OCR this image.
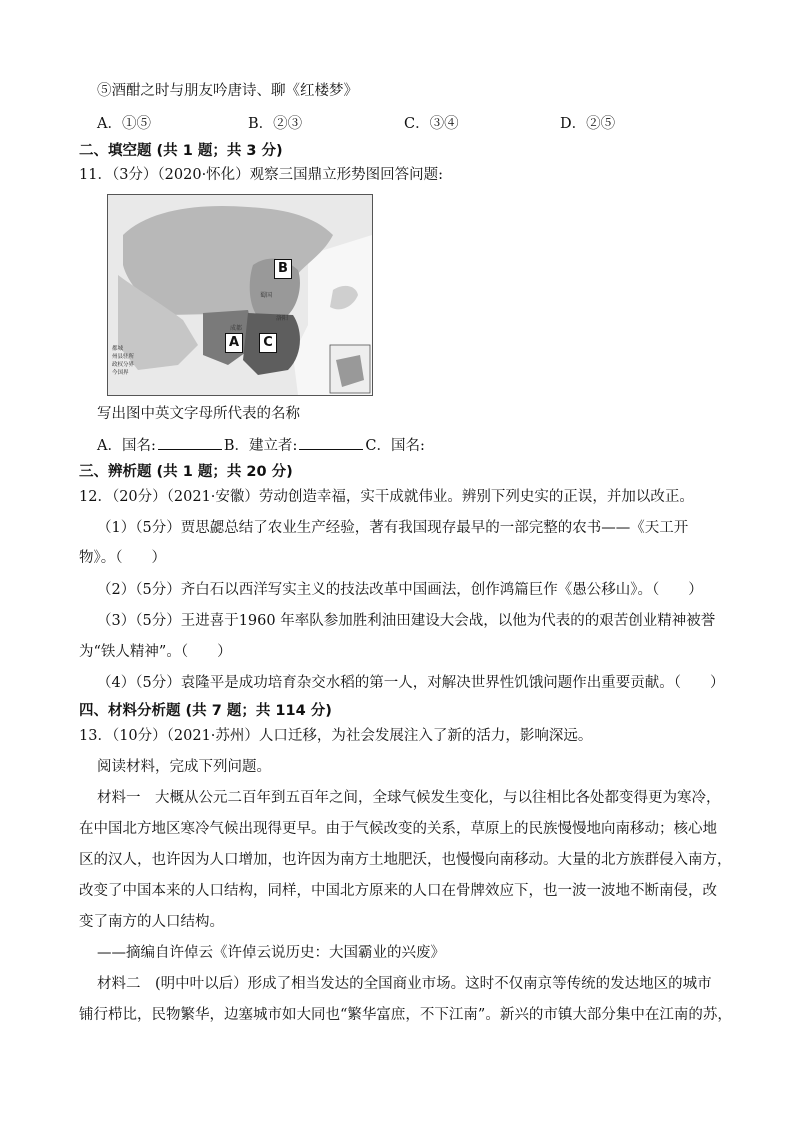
⑤酒酣之时与朋友吟唐诗、聊《红楼梦》
A．①⑤	B．②③	C．③④	D．②⑤
二、填空题 (共 1 题；共 3 分)
11．（3分）（2020·怀化）观察三国鼎立形势图回答问题:
B
A	C
蜀国
洛阳
成都
都城
州县驻所
政权分界
今国界
写出图中英文字母所代表的名称
A．国名:	B．建立者:	C．国名:
三、辨析题 (共 1 题；共 20 分)
12．（20分）（2021·安徽）劳动创造幸福，实干成就伟业。辨别下列史实的正误，并加以改正。
（1）（5分）贾思勰总结了农业生产经验，著有我国现存最早的一部完整的农书——《天工开
物》。（　　）
（2）（5分）齐白石以西洋写实主义的技法改革中国画法，创作鸿篇巨作《愚公移山》。（　　）
（3）（5分）王进喜于1960 年率队参加胜利油田建设大会战，以他为代表的的艰苦创业精神被誉
为“铁人精神”。（　　）
（4）（5分）袁隆平是成功培育杂交水稻的第一人，对解决世界性饥饿问题作出重要贡献。（　　）
四、材料分析题 (共 7 题；共 114 分)
13．（10分）（2021·苏州）人口迁移，为社会发展注入了新的活力，影响深远。
阅读材料，完成下列问题。
材料一　大概从公元二百年到五百年之间，全球气候发生变化，与以往相比各处都变得更为寒冷，
在中国北方地区寒冷气候出现得更早。由于气候改变的关系，草原上的民族慢慢地向南移动；核心地
区的汉人，也许因为人口增加，也许因为南方土地肥沃，也慢慢向南移动。大量的北方族群侵入南方，
改变了中国本来的人口结构，同样，中国北方原来的人口在骨牌效应下，也一波一波地不断南侵，改
变了南方的人口结构。
——摘编自许倬云《许倬云说历史：大国霸业的兴废》
材料二　(明中叶以后）形成了相当发达的全国商业市场。这时不仅南京等传统的发达地区的城市
铺行栉比，民物繁华，边塞城市如大同也“繁华富庶，不下江南”。新兴的市镇大部分集中在江南的苏，
